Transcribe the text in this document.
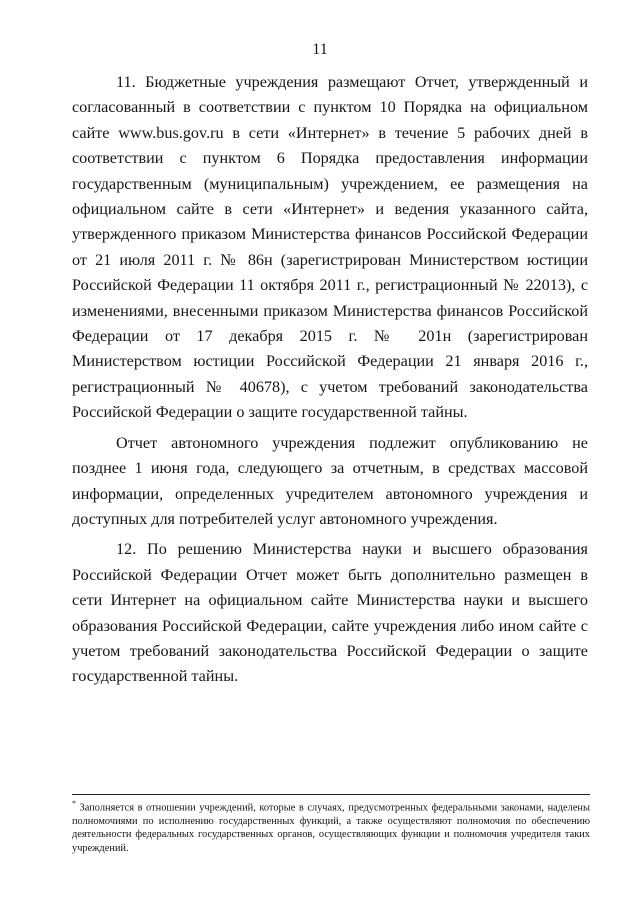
11

11. Бюджетные учреждения размещают Отчет, утвержденный и согласованный в соответствии с пунктом 10 Порядка на официальном сайте www.bus.gov.ru в сети «Интернет» в течение 5 рабочих дней в соответствии с пунктом 6 Порядка предоставления информации государственным (муниципальным) учреждением, ее размещения на официальном сайте в сети «Интернет» и ведения указанного сайта, утвержденного приказом Министерства финансов Российской Федерации от 21 июля 2011 г. № 86н (зарегистрирован Министерством юстиции Российской Федерации 11 октября 2011 г., регистрационный № 22013), с изменениями, внесенными приказом Министерства финансов Российской Федерации от 17 декабря 2015 г. № 201н (зарегистрирован Министерством юстиции Российской Федерации 21 января 2016 г., регистрационный № 40678), с учетом требований законодательства Российской Федерации о защите государственной тайны.

Отчет автономного учреждения подлежит опубликованию не позднее 1 июня года, следующего за отчетным, в средствах массовой информации, определенных учредителем автономного учреждения и доступных для потребителей услуг автономного учреждения.

12. По решению Министерства науки и высшего образования Российской Федерации Отчет может быть дополнительно размещен в сети Интернет на официальном сайте Министерства науки и высшего образования Российской Федерации, сайте учреждения либо ином сайте с учетом требований законодательства Российской Федерации о защите государственной тайны.

* Заполняется в отношении учреждений, которые в случаях, предусмотренных федеральными законами, наделены полномочиями по исполнению государственных функций, а также осуществляют полномочия по обеспечению деятельности федеральных государственных органов, осуществляющих функции и полномочия учредителя таких учреждений.
